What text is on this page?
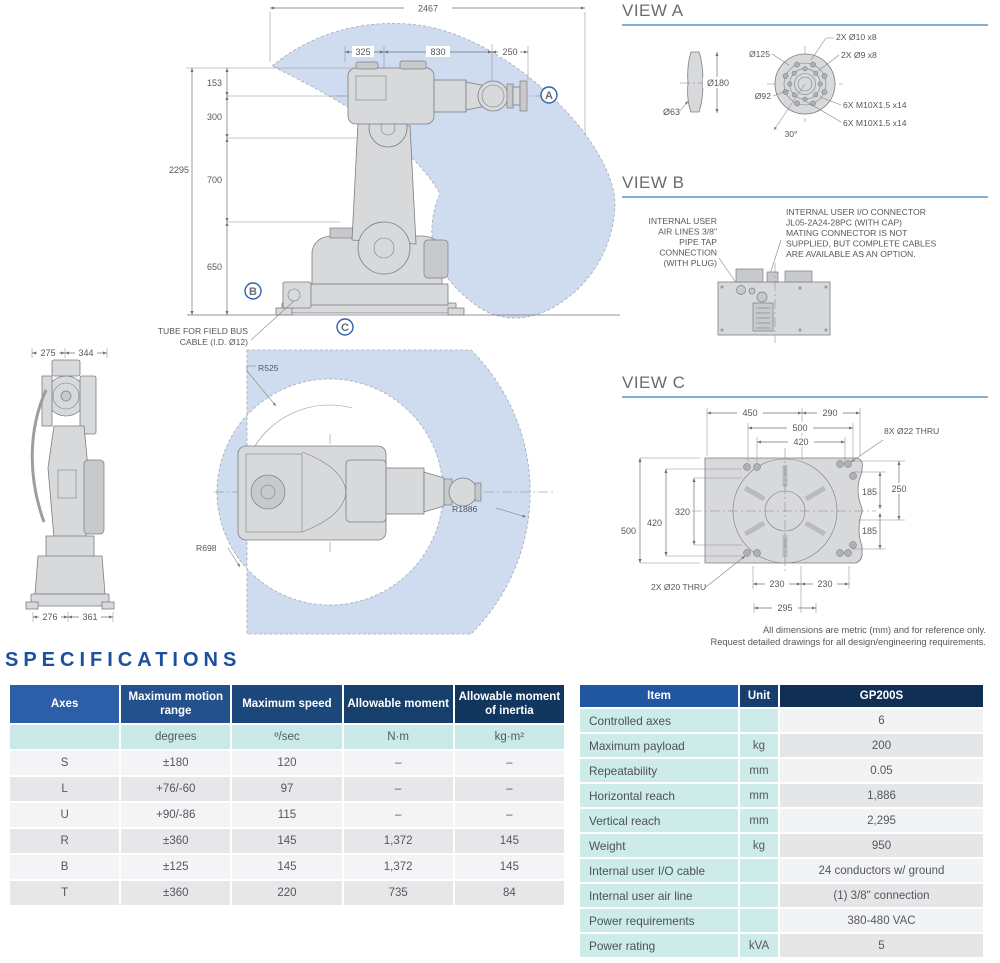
2467
2295
153
300
700
650
325	830	250
A
B
C
TUBE FOR FIELD BUS
CABLE (I.D. Ø12)
275	344
276	361
R525
R698
R1886
VIEW A
Ø180
Ø63
Ø125
Ø92
2X Ø10 x8
2X Ø9 x8
6X M10X1.5 x14
6X M10X1.5 x14
30°
VIEW B
INTERNAL USER
AIR LINES 3/8"
PIPE TAP
CONNECTION
(WITH PLUG)
INTERNAL USER I/O CONNECTOR
JL05-2A24-28PC (WITH CAP)
MATING CONNECTOR IS NOT
SUPPLIED, BUT COMPLETE CABLES
ARE AVAILABLE AS AN OPTION.
VIEW C
450	290
500
420
8X Ø22 THRU
250
185
185
320
420
500
230	230
295
2X Ø20 THRU
All dimensions are metric (mm) and for reference only.
Request detailed drawings for all design/engineering requirements.
SPECIFICATIONS
Axes	Maximum motion range	Maximum speed	Allowable moment	Allowable moment of inertia
	degrees	º/sec	N·m	kg·m²
S	±180	120	–	–
L	+76/-60	97	–	–
U	+90/-86	115	–	–
R	±360	145	1,372	145
B	±125	145	1,372	145
T	±360	220	735	84
Item	Unit	GP200S
Controlled axes		6
Maximum payload	kg	200
Repeatability	mm	0.05
Horizontal reach	mm	1,886
Vertical reach	mm	2,295
Weight	kg	950
Internal user I/O cable		24 conductors w/ ground
Internal user air line		(1) 3/8" connection
Power requirements		380-480 VAC
Power rating	kVA	5
